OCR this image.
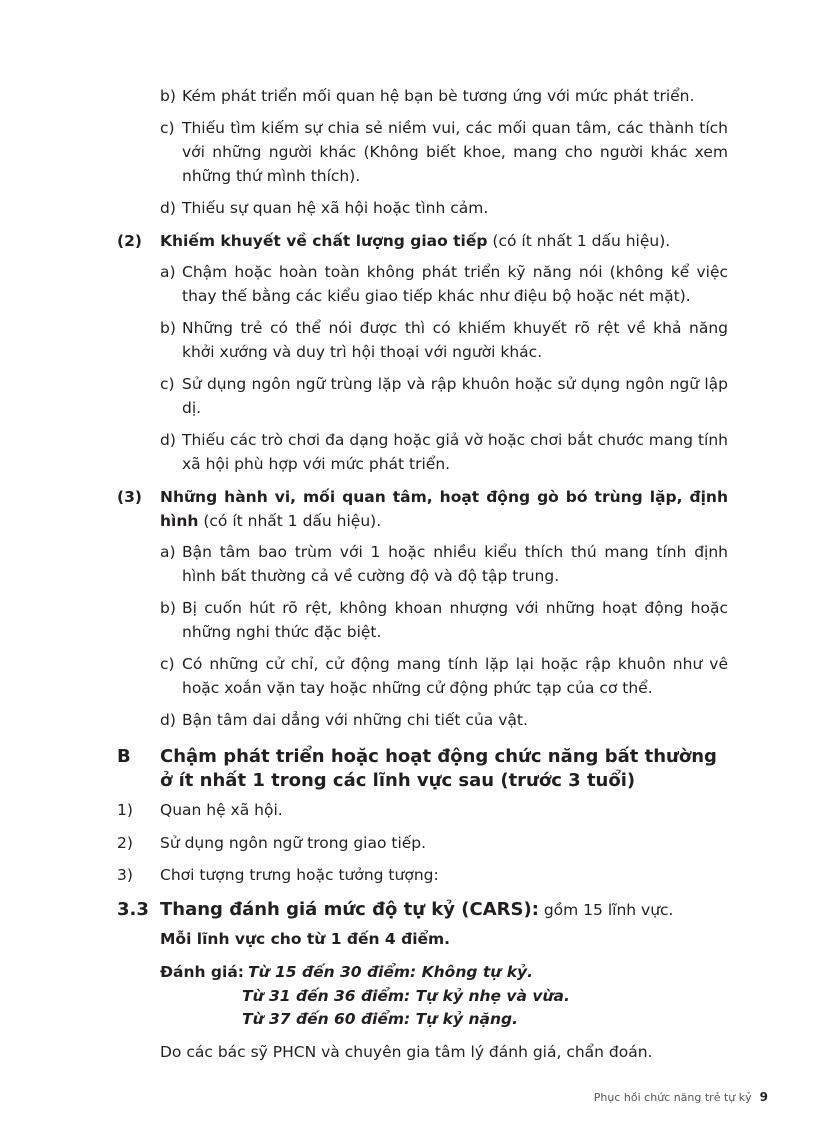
b) Kém phát triển mối quan hệ bạn bè tương ứng với mức phát triển.
c) Thiếu tìm kiếm sự chia sẻ niềm vui, các mối quan tâm, các thành tích với những người khác (Không biết khoe, mang cho người khác xem những thứ mình thích).
d) Thiếu sự quan hệ xã hội hoặc tình cảm.
(2) Khiếm khuyết về chất lượng giao tiếp (có ít nhất 1 dấu hiệu).
a) Chậm hoặc hoàn toàn không phát triển kỹ năng nói (không kể việc thay thế bằng các kiểu giao tiếp khác như điệu bộ hoặc nét mặt).
b) Những trẻ có thể nói được thì có khiếm khuyết rõ rệt về khả năng khởi xướng và duy trì hội thoại với người khác.
c) Sử dụng ngôn ngữ trùng lặp và rập khuôn hoặc sử dụng ngôn ngữ lập dị.
d) Thiếu các trò chơi đa dạng hoặc giả vờ hoặc chơi bắt chước mang tính xã hội phù hợp với mức phát triển.
(3) Những hành vi, mối quan tâm, hoạt động gò bó trùng lặp, định hình (có ít nhất 1 dấu hiệu).
a) Bận tâm bao trùm với 1 hoặc nhiều kiểu thích thú mang tính định hình bất thường cả về cường độ và độ tập trung.
b) Bị cuốn hút rõ rệt, không khoan nhượng với những hoạt động hoặc những nghi thức đặc biệt.
c) Có những cử chỉ, cử động mang tính lặp lại hoặc rập khuôn như vê hoặc xoắn vặn tay hoặc những cử động phức tạp của cơ thể.
d) Bận tâm dai dẳng với những chi tiết của vật.
B Chậm phát triển hoặc hoạt động chức năng bất thường ở ít nhất 1 trong các lĩnh vực sau (trước 3 tuổi)
1) Quan hệ xã hội.
2) Sử dụng ngôn ngữ trong giao tiếp.
3) Chơi tượng trưng hoặc tưởng tượng:
3.3 Thang đánh giá mức độ tự kỷ (CARS): gồm 15 lĩnh vực.
Mỗi lĩnh vực cho từ 1 đến 4 điểm.
Đánh giá: Từ 15 đến 30 điểm: Không tự kỷ.
Từ 31 đến 36 điểm: Tự kỷ nhẹ và vừa.
Từ 37 đến 60 điểm: Tự kỷ nặng.
Do các bác sỹ PHCN và chuyên gia tâm lý đánh giá, chẩn đoán.
Phục hồi chức năng trẻ tự kỷ 9
